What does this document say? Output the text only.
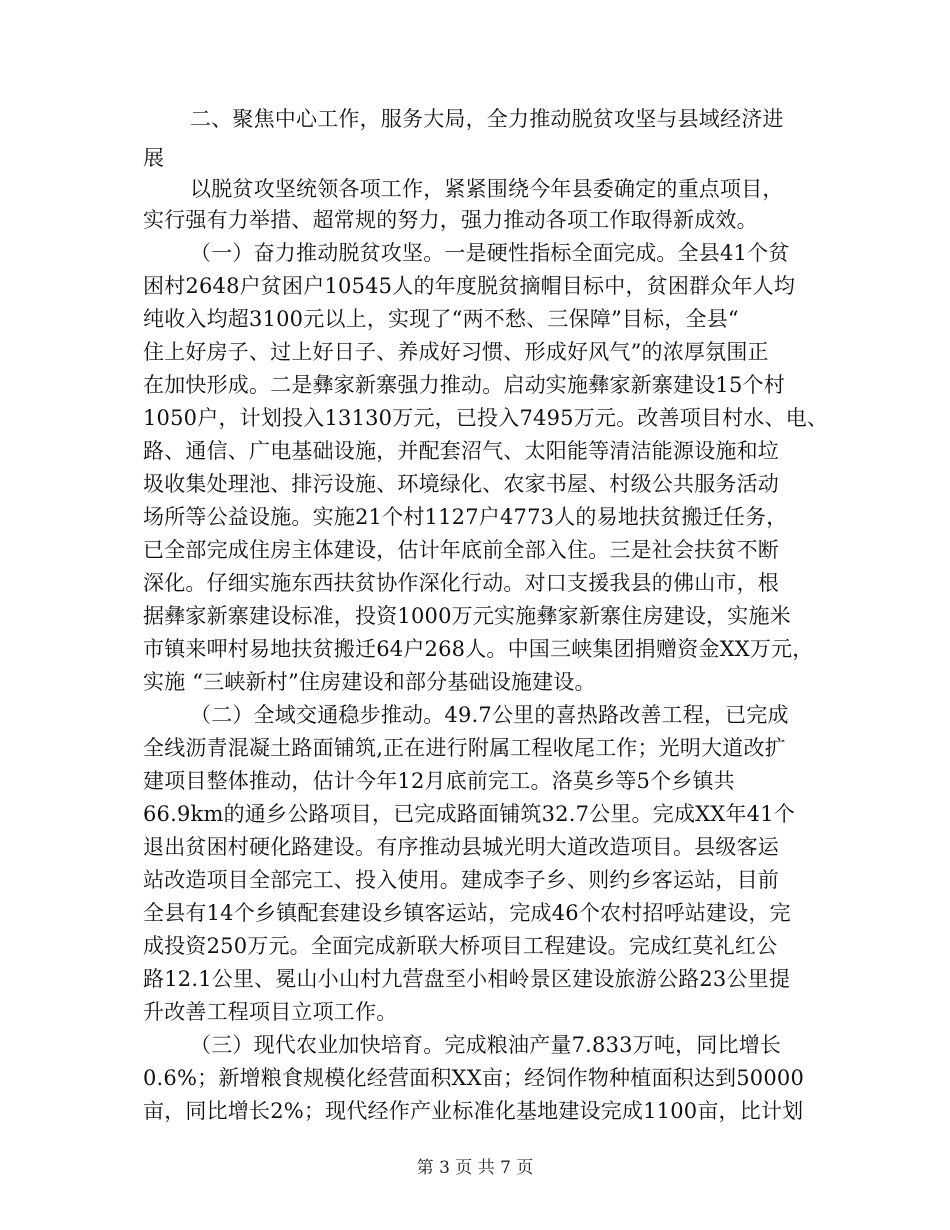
二、聚焦中心工作，服务大局，全力推动脱贫攻坚与县域经济进
展
以脱贫攻坚统领各项工作，紧紧围绕今年县委确定的重点项目，
实行强有力举措、超常规的努力，强力推动各项工作取得新成效。
（一）奋力推动脱贫攻坚。一是硬性指标全面完成。全县41个贫
困村2648户贫困户10545人的年度脱贫摘帽目标中，贫困群众年人均
纯收入均超3100元以上，实现了“两不愁、三保障”目标，全县“
住上好房子、过上好日子、养成好习惯、形成好风气”的浓厚氛围正
在加快形成。二是彝家新寨强力推动。启动实施彝家新寨建设15个村
1050户，计划投入13130万元，已投入7495万元。改善项目村水、电、
路、通信、广电基础设施，并配套沼气、太阳能等清洁能源设施和垃
圾收集处理池、排污设施、环境绿化、农家书屋、村级公共服务活动
场所等公益设施。实施21个村1127户4773人的易地扶贫搬迁任务，
已全部完成住房主体建设，估计年底前全部入住。三是社会扶贫不断
深化。仔细实施东西扶贫协作深化行动。对口支援我县的佛山市，根
据彝家新寨建设标准，投资1000万元实施彝家新寨住房建设，实施米
市镇来呷村易地扶贫搬迁64户268人。中国三峡集团捐赠资金XX万元，
实施 “三峡新村”住房建设和部分基础设施建设。
（二）全域交通稳步推动。49.7公里的喜热路改善工程，已完成
全线沥青混凝土路面铺筑,正在进行附属工程收尾工作；光明大道改扩
建项目整体推动，估计今年12月底前完工。洛莫乡等5个乡镇共
66.9km的通乡公路项目，已完成路面铺筑32.7公里。完成XX年41个
退出贫困村硬化路建设。有序推动县城光明大道改造项目。县级客运
站改造项目全部完工、投入使用。建成李子乡、则约乡客运站，目前
全县有14个乡镇配套建设乡镇客运站，完成46个农村招呼站建设，完
成投资250万元。全面完成新联大桥项目工程建设。完成红莫礼红公
路12.1公里、冕山小山村九营盘至小相岭景区建设旅游公路23公里提
升改善工程项目立项工作。
（三）现代农业加快培育。完成粮油产量7.833万吨，同比增长
0.6%；新增粮食规模化经营面积XX亩；经饲作物种植面积达到50000
亩，同比增长2%；现代经作产业标准化基地建设完成1100亩，比计划
第 3 页 共 7 页
